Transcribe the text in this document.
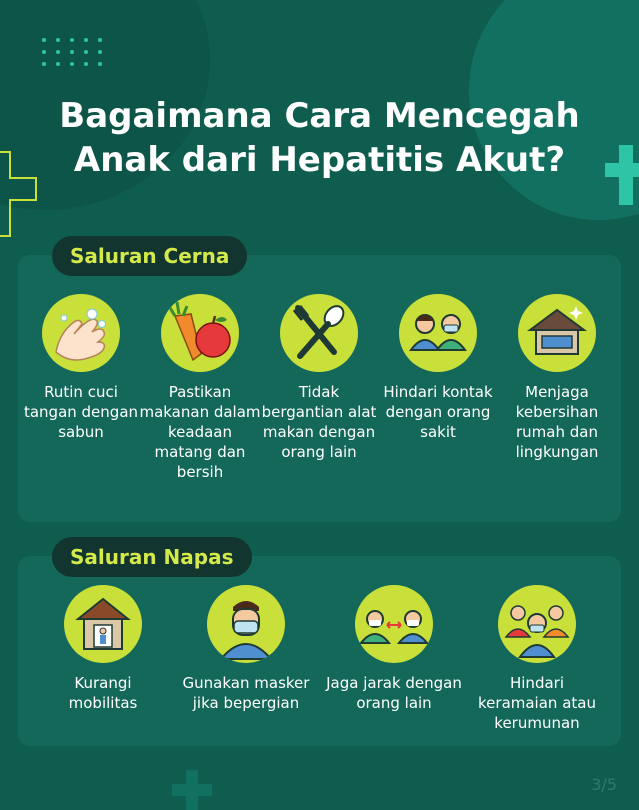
Bagaimana Cara Mencegah
Anak dari Hepatitis Akut?
Saluran Cerna
Rutin cuci tangan dengan sabun
Pastikan makanan dalam keadaan matang dan bersih
Tidak bergantian alat makan dengan orang lain
Hindari kontak dengan orang sakit
Menjaga kebersihan rumah dan lingkungan
Saluran Napas
Kurangi mobilitas
Gunakan masker jika bepergian
Jaga jarak dengan orang lain
Hindari keramaian atau kerumunan
3/5
